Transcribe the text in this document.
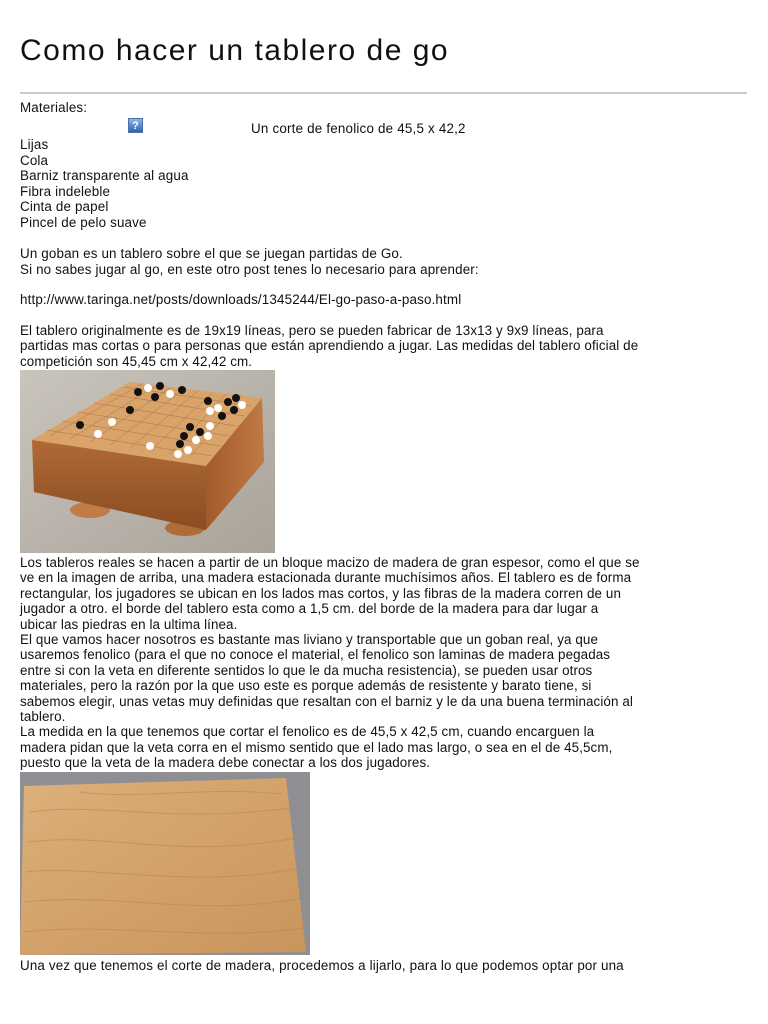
Como hacer un tablero de go
Materiales:
?	Un corte de fenolico de 45,5 x 42,2
Lijas
Cola
Barniz transparente al agua
Fibra indeleble
Cinta de papel
Pincel de pelo suave
Un goban es un tablero sobre el que se juegan partidas de Go.
Si no sabes jugar al go, en este otro post tenes lo necesario para aprender:
http://www.taringa.net/posts/downloads/1345244/El-go-paso-a-paso.html
El tablero originalmente es de 19x19 líneas, pero se pueden fabricar de 13x13 y 9x9 líneas, para
partidas mas cortas o para personas que están aprendiendo a jugar. Las medidas del tablero oficial de
competición son 45,45 cm x 42,42 cm.
Los tableros reales se hacen a partir de un bloque macizo de madera de gran espesor, como el que se
ve en la imagen de arriba, una madera estacionada durante muchísimos años. El tablero es de forma
rectangular, los jugadores se ubican en los lados mas cortos, y las fibras de la madera corren de un
jugador a otro. el borde del tablero esta como a 1,5 cm. del borde de la madera para dar lugar a
ubicar las piedras en la ultima línea.
El que vamos hacer nosotros es bastante mas liviano y transportable que un goban real, ya que
usaremos fenolico (para el que no conoce el material, el fenolico son laminas de madera pegadas
entre si con la veta en diferente sentidos lo que le da mucha resistencia), se pueden usar otros
materiales, pero la razón por la que uso este es porque además de resistente y barato tiene, si
sabemos elegir, unas vetas muy definidas que resaltan con el barniz y le da una buena terminación al
tablero.
La medida en la que tenemos que cortar el fenolico es de 45,5 x 42,5 cm, cuando encarguen la
madera pidan que la veta corra en el mismo sentido que el lado mas largo, o sea en el de 45,5cm,
puesto que la veta de la madera debe conectar a los dos jugadores.
Una vez que tenemos el corte de madera, procedemos a lijarlo, para lo que podemos optar por una
